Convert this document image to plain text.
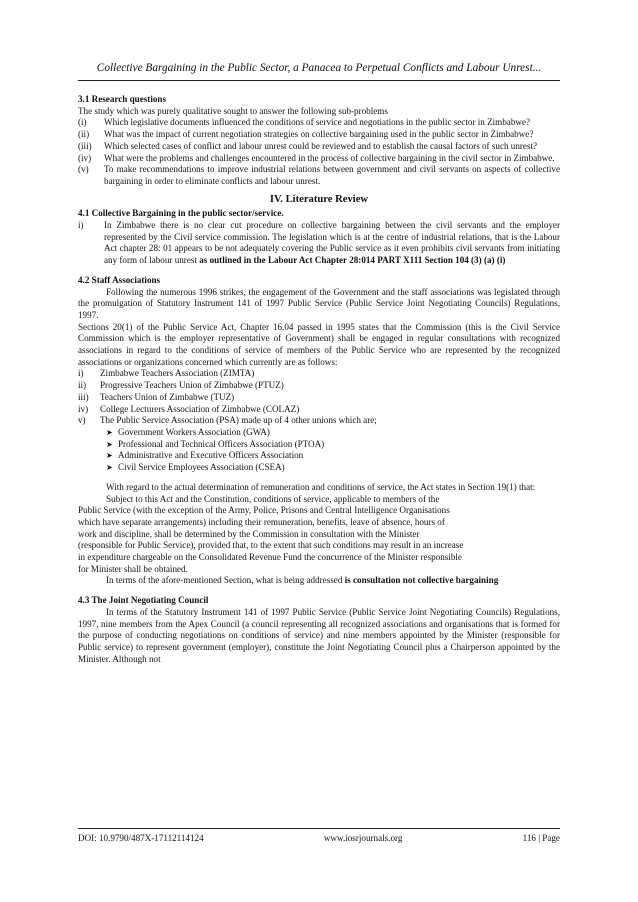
Collective Bargaining in the Public Sector, a Panacea to Perpetual Conflicts and Labour Unrest...
3.1 Research questions
The study which was purely qualitative sought to answer the following sub-problems
(i)	Which legislative documents influenced the conditions of service and negotiations in the public sector in Zimbabwe?
(ii)	What was the impact of current negotiation strategies on collective bargaining used in the public sector in Zimbabwe?
(iii)	Which selected cases of conflict and labour unrest could be reviewed and to establish the causal factors of such unrest?
(iv)	What were the problems and challenges encountered in the process of collective bargaining in the civil sector in Zimbabwe.
(v)	To make recommendations to improve industrial relations between government and civil servants on aspects of collective bargaining in order to eliminate conflicts and labour unrest.
IV. Literature Review
4.1 Collective Bargaining in the public sector/service.
i)	In Zimbabwe there is no clear cut procedure on collective bargaining between the civil servants and the employer represented by the Civil service commission. The legislation which is at the centre of industrial relations, that is the Labour Act chapter 28: 01 appears to be not adequately covering the Public service as it even prohibits civil servants from initiating any form of labour unrest as outlined in the Labour Act Chapter 28:014 PART X111 Section 104 (3) (a) (i)
4.2 Staff Associations
Following the numerous 1996 strikes, the engagement of the Government and the staff associations was legislated through the promulgation of Statutory Instrument 141 of 1997 Public Service (Public Service Joint Negotiating Councils) Regulations, 1997.
Sections 20(1) of the Public Service Act, Chapter 16.04 passed in 1995 states that the Commission (this is the Civil Service Commission which is the employer representative of Government) shall be engaged in regular consultations with recognized associations in regard to the conditions of service of members of the Public Service who are represented by the recognized associations or organizations concerned which currently are as follows:
i)	Zimbabwe Teachers Association (ZIMTA)
ii)	Progressive Teachers Union of Zimbabwe (PTUZ)
iii)	Teachers Union of Zimbabwe (TUZ)
iv)	College Lecturers Association of Zimbabwe (COLAZ)
v)	The Public Service Association (PSA) made up of 4 other unions which are;
➤ Government Workers Association (GWA)
➤ Professional and Technical Officers Association (PTOA)
➤ Administrative and Executive Officers Association
➤ Civil Service Employees Association (CSEA)
With regard to the actual determination of remuneration and conditions of service, the Act states in Section 19(1) that:
Subject to this Act and the Constitution, conditions of service, applicable to members of the
Public Service (with the exception of the Army, Police, Prisons and Central Intelligence Organisations
which have separate arrangements) including their remuneration, benefits, leave of absence, hours of
work and discipline, shall be determined by the Commission in consultation with the Minister
(responsible for Public Service), provided that, to the extent that such conditions may result in an increase
in expenditure chargeable on the Consolidated Revenue Fund the concurrence of the Minister responsible
for Minister shall be obtained.
In terms of the afore-mentioned Section, what is being addressed is consultation not collective bargaining
4.3 The Joint Negotiating Council
In terms of the Statutory Instrument 141 of 1997 Public Service (Public Service Joint Negotiating Councils) Regulations, 1997, nine members from the Apex Council (a council representing all recognized associations and organisations that is formed for the purpose of conducting negotiations on conditions of service) and nine members appointed by the Minister (responsible for Public service) to represent government (employer), constitute the Joint Negotiating Council plus a Chairperson appointed by the Minister. Although not
DOI: 10.9790/487X-17112114124	www.iosrjournals.org	116 | Page
